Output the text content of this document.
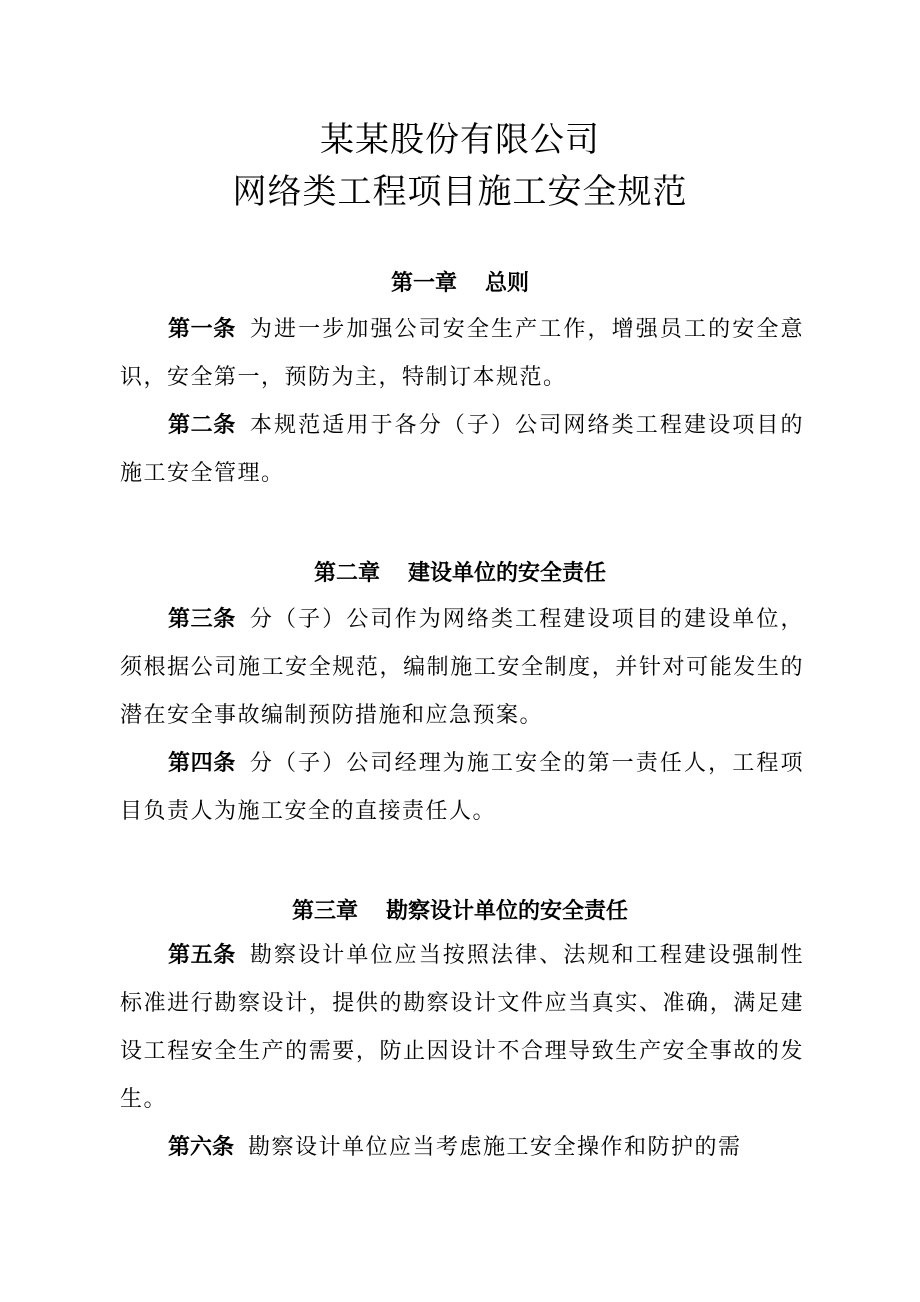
某某股份有限公司
网络类工程项目施工安全规范
第一章 总则
第一条 为进一步加强公司安全生产工作，增强员工的安全意识，安全第一，预防为主，特制订本规范。
第二条 本规范适用于各分（子）公司网络类工程建设项目的施工安全管理。
第二章 建设单位的安全责任
第三条 分（子）公司作为网络类工程建设项目的建设单位，须根据公司施工安全规范，编制施工安全制度，并针对可能发生的潜在安全事故编制预防措施和应急预案。
第四条 分（子）公司经理为施工安全的第一责任人，工程项目负责人为施工安全的直接责任人。
第三章 勘察设计单位的安全责任
第五条 勘察设计单位应当按照法律、法规和工程建设强制性标准进行勘察设计，提供的勘察设计文件应当真实、准确，满足建设工程安全生产的需要，防止因设计不合理导致生产安全事故的发生。
第六条 勘察设计单位应当考虑施工安全操作和防护的需
